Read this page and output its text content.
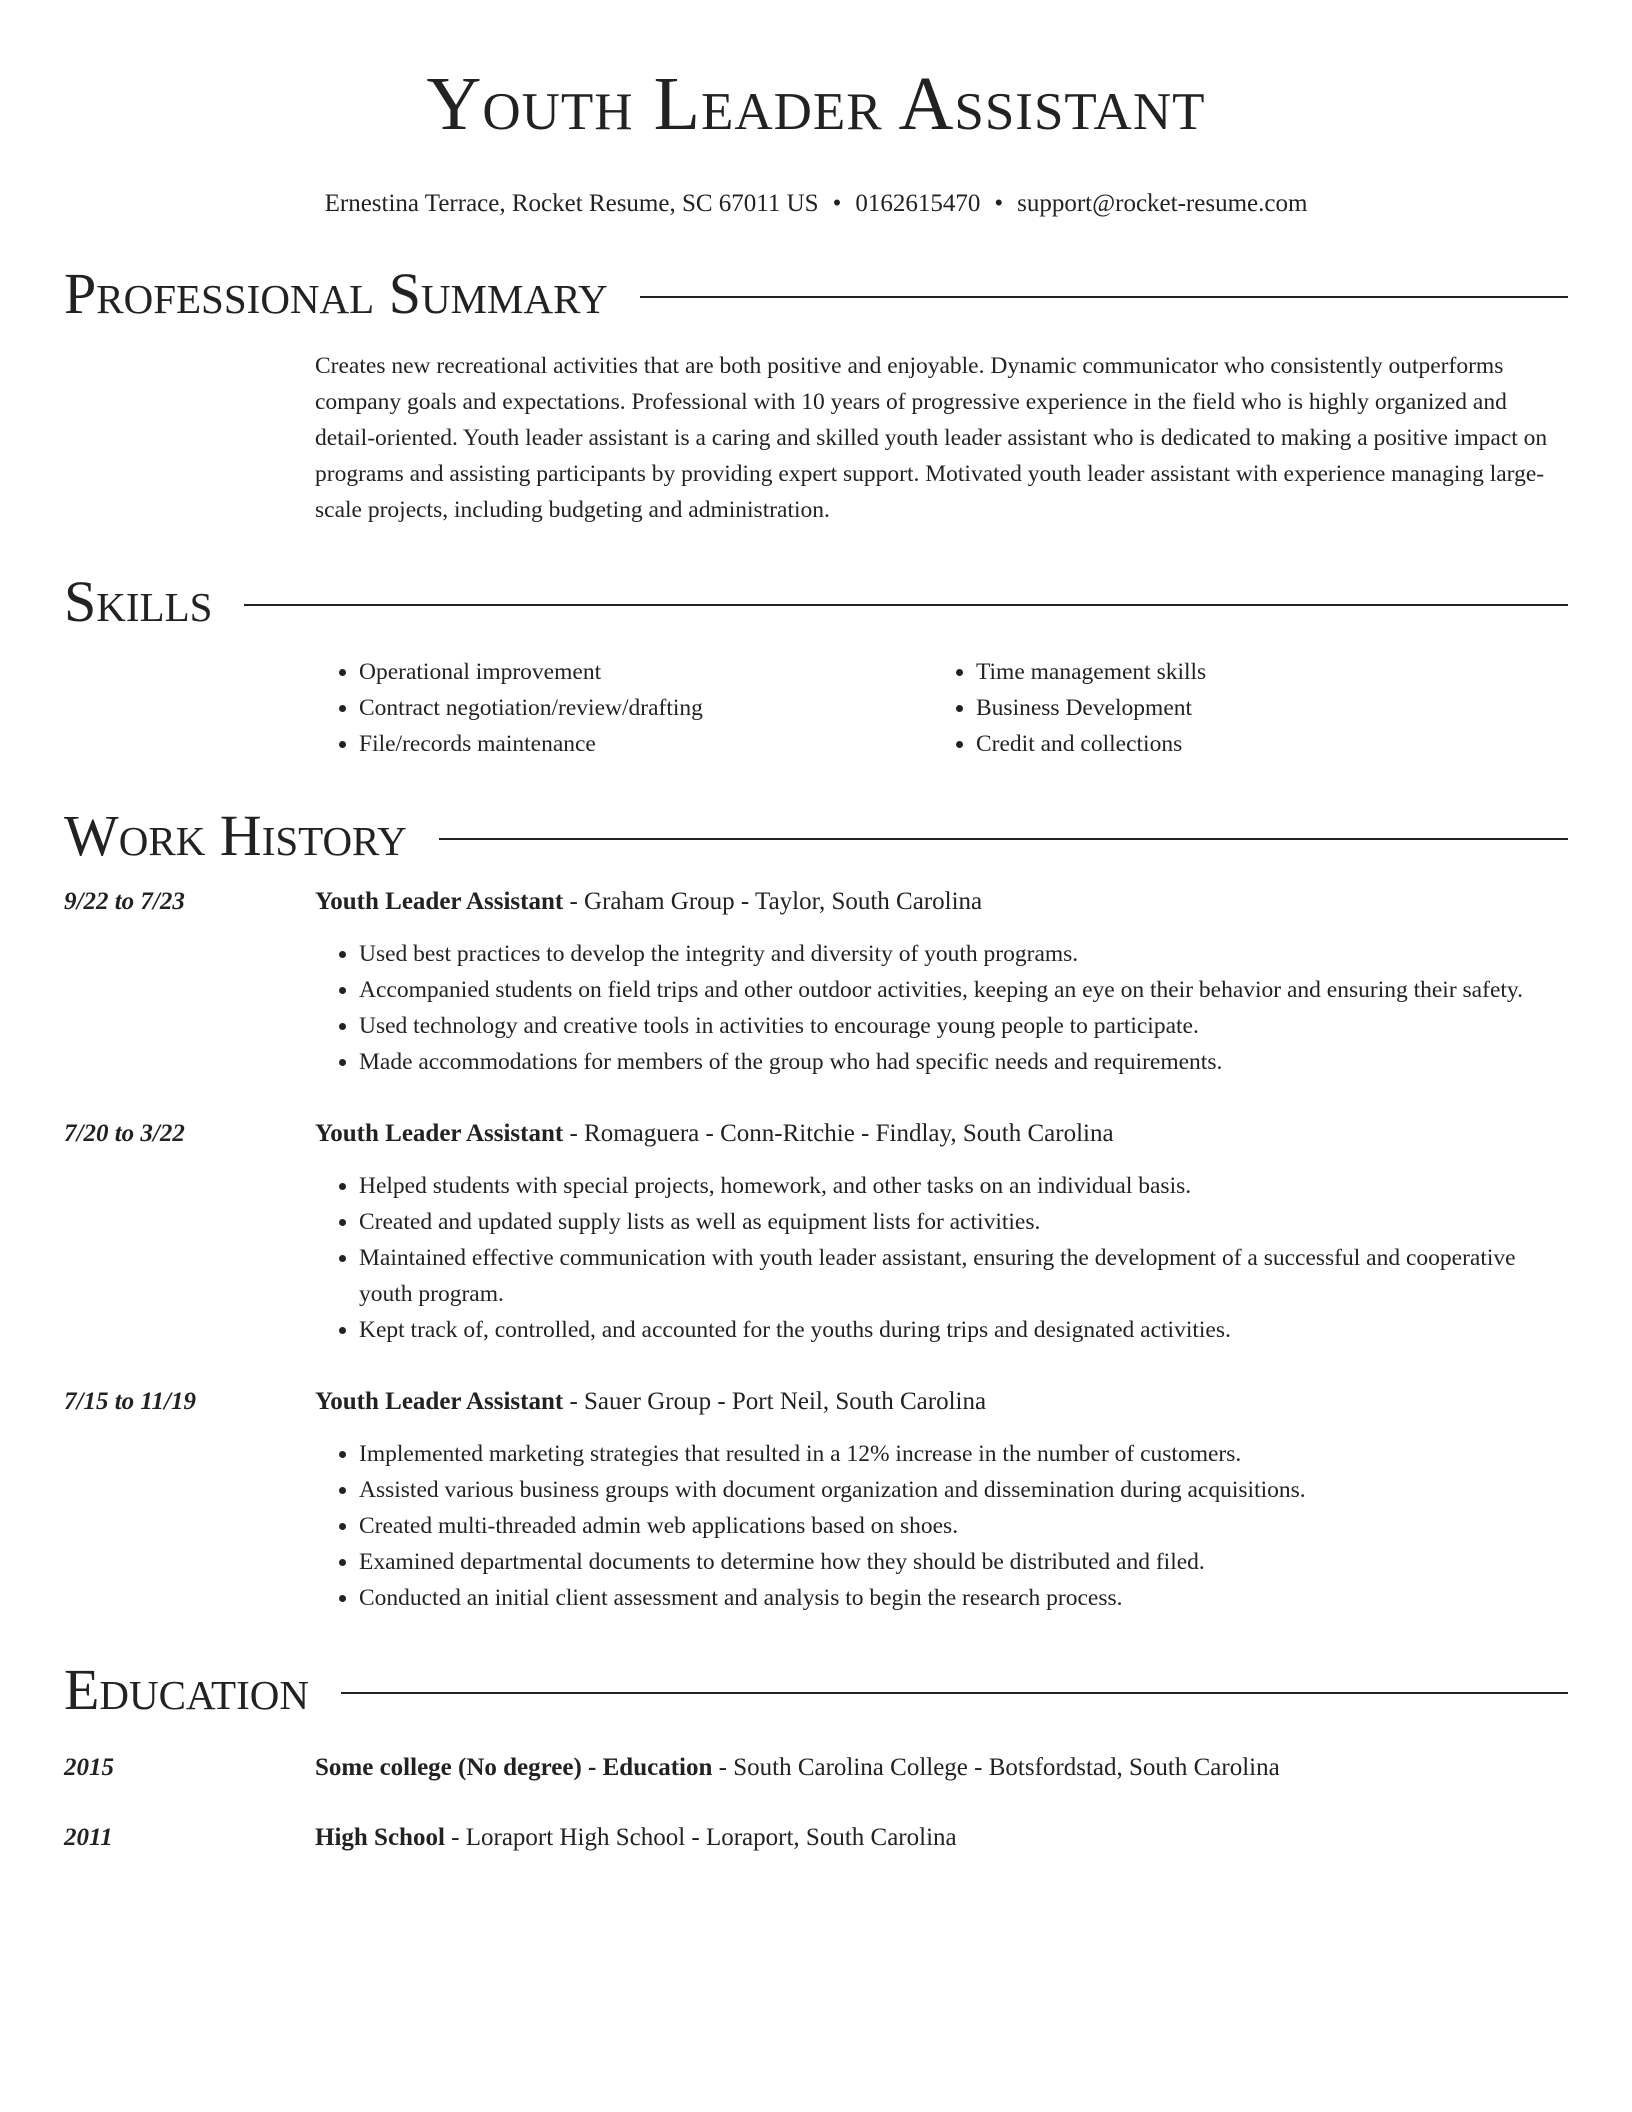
Youth Leader Assistant
Ernestina Terrace, Rocket Resume, SC 67011 US • 0162615470 • support@rocket-resume.com
Professional Summary
Creates new recreational activities that are both positive and enjoyable. Dynamic communicator who consistently outperforms company goals and expectations. Professional with 10 years of progressive experience in the field who is highly organized and detail-oriented. Youth leader assistant is a caring and skilled youth leader assistant who is dedicated to making a positive impact on programs and assisting participants by providing expert support. Motivated youth leader assistant with experience managing large-scale projects, including budgeting and administration.
Skills
• Operational improvement
• Contract negotiation/review/drafting
• File/records maintenance
• Time management skills
• Business Development
• Credit and collections
Work History
9/22 to 7/23	Youth Leader Assistant - Graham Group - Taylor, South Carolina
• Used best practices to develop the integrity and diversity of youth programs.
• Accompanied students on field trips and other outdoor activities, keeping an eye on their behavior and ensuring their safety.
• Used technology and creative tools in activities to encourage young people to participate.
• Made accommodations for members of the group who had specific needs and requirements.
7/20 to 3/22	Youth Leader Assistant - Romaguera - Conn-Ritchie - Findlay, South Carolina
• Helped students with special projects, homework, and other tasks on an individual basis.
• Created and updated supply lists as well as equipment lists for activities.
• Maintained effective communication with youth leader assistant, ensuring the development of a successful and cooperative youth program.
• Kept track of, controlled, and accounted for the youths during trips and designated activities.
7/15 to 11/19	Youth Leader Assistant - Sauer Group - Port Neil, South Carolina
• Implemented marketing strategies that resulted in a 12% increase in the number of customers.
• Assisted various business groups with document organization and dissemination during acquisitions.
• Created multi-threaded admin web applications based on shoes.
• Examined departmental documents to determine how they should be distributed and filed.
• Conducted an initial client assessment and analysis to begin the research process.
Education
2015	Some college (No degree) - Education - South Carolina College - Botsfordstad, South Carolina
2011	High School - Loraport High School - Loraport, South Carolina
